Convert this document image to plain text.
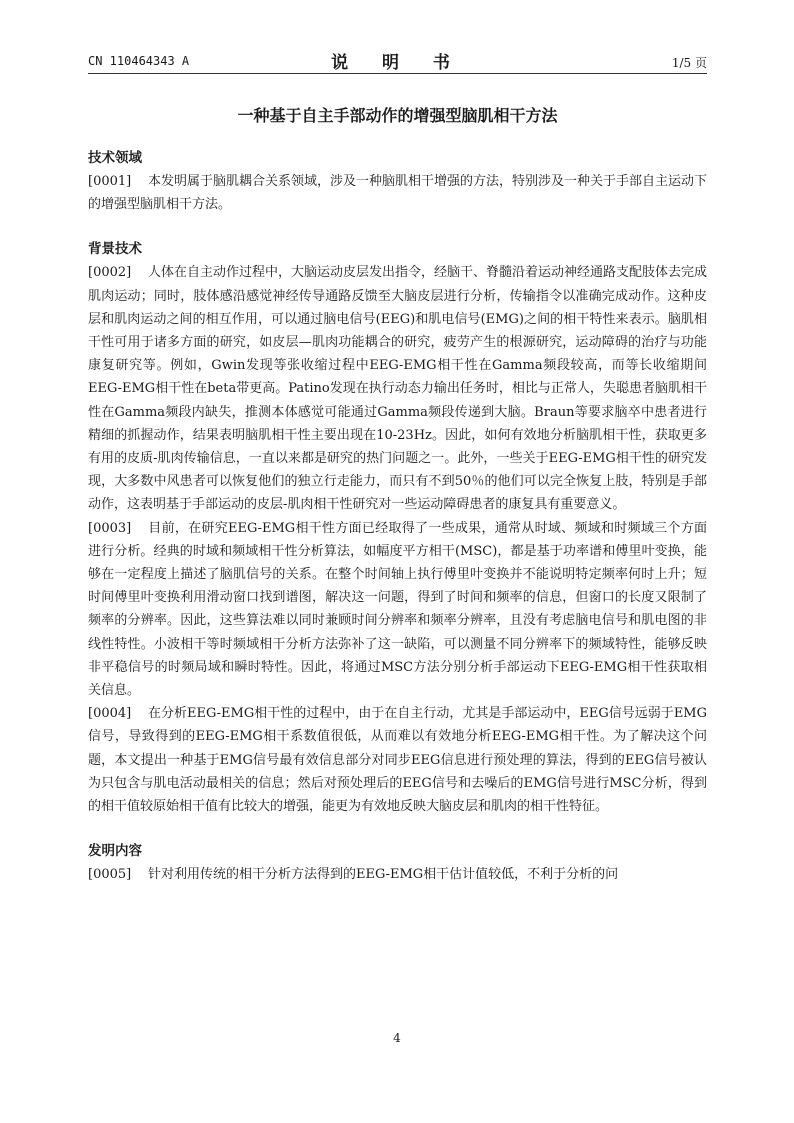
CN 110464343 A	说 明 书	1/5 页
一种基于自主手部动作的增强型脑肌相干方法
技术领域

[0001] 本发明属于脑肌耦合关系领域，涉及一种脑肌相干增强的方法，特别涉及一种关于手部自主运动下的增强型脑肌相干方法。

背景技术

[0002] 人体在自主动作过程中，大脑运动皮层发出指令，经脑干、脊髓沿着运动神经通路支配肢体去完成肌肉运动；同时，肢体感沿感觉神经传导通路反馈至大脑皮层进行分析，传输指令以准确完成动作。这种皮层和肌肉运动之间的相互作用，可以通过脑电信号(EEG)和肌电信号(EMG)之间的相干特性来表示。脑肌相干性可用于诸多方面的研究，如皮层—肌肉功能耦合的研究，疲劳产生的根源研究，运动障碍的治疗与功能康复研究等。例如，Gwin发现等张收缩过程中EEG-EMG相干性在Gamma频段较高，而等长收缩期间EEG-EMG相干性在beta带更高。Patino发现在执行动态力输出任务时，相比与正常人，失聪患者脑肌相干性在Gamma频段内缺失，推测本体感觉可能通过Gamma频段传递到大脑。Braun等要求脑卒中患者进行精细的抓握动作，结果表明脑肌相干性主要出现在10-23Hz。因此，如何有效地分析脑肌相干性，获取更多有用的皮质-肌肉传输信息，一直以来都是研究的热门问题之一。此外，一些关于EEG-EMG相干性的研究发现，大多数中风患者可以恢复他们的独立行走能力，而只有不到50％的他们可以完全恢复上肢，特别是手部动作，这表明基于手部运动的皮层-肌肉相干性研究对一些运动障碍患者的康复具有重要意义。

[0003] 目前，在研究EEG-EMG相干性方面已经取得了一些成果，通常从时域、频域和时频域三个方面进行分析。经典的时域和频域相干性分析算法，如幅度平方相干(MSC)，都是基于功率谱和傅里叶变换，能够在一定程度上描述了脑肌信号的关系。在整个时间轴上执行傅里叶变换并不能说明特定频率何时上升；短时间傅里叶变换利用滑动窗口找到谱图，解决这一问题，得到了时间和频率的信息，但窗口的长度又限制了频率的分辨率。因此，这些算法难以同时兼顾时间分辨率和频率分辨率，且没有考虑脑电信号和肌电图的非线性特性。小波相干等时频域相干分析方法弥补了这一缺陷，可以测量不同分辨率下的频域特性，能够反映非平稳信号的时频局域和瞬时特性。因此，将通过MSC方法分别分析手部运动下EEG-EMG相干性获取相关信息。

[0004] 在分析EEG-EMG相干性的过程中，由于在自主行动，尤其是手部运动中，EEG信号远弱于EMG信号，导致得到的EEG-EMG相干系数值很低，从而难以有效地分析EEG-EMG相干性。为了解决这个问题，本文提出一种基于EMG信号最有效信息部分对同步EEG信息进行预处理的算法，得到的EEG信号被认为只包含与肌电活动最相关的信息；然后对预处理后的EEG信号和去噪后的EMG信号进行MSC分析，得到的相干值较原始相干值有比较大的增强，能更为有效地反映大脑皮层和肌肉的相干性特征。

发明内容

[0005] 针对利用传统的相干分析方法得到的EEG-EMG相干估计值较低，不利于分析的问

4
